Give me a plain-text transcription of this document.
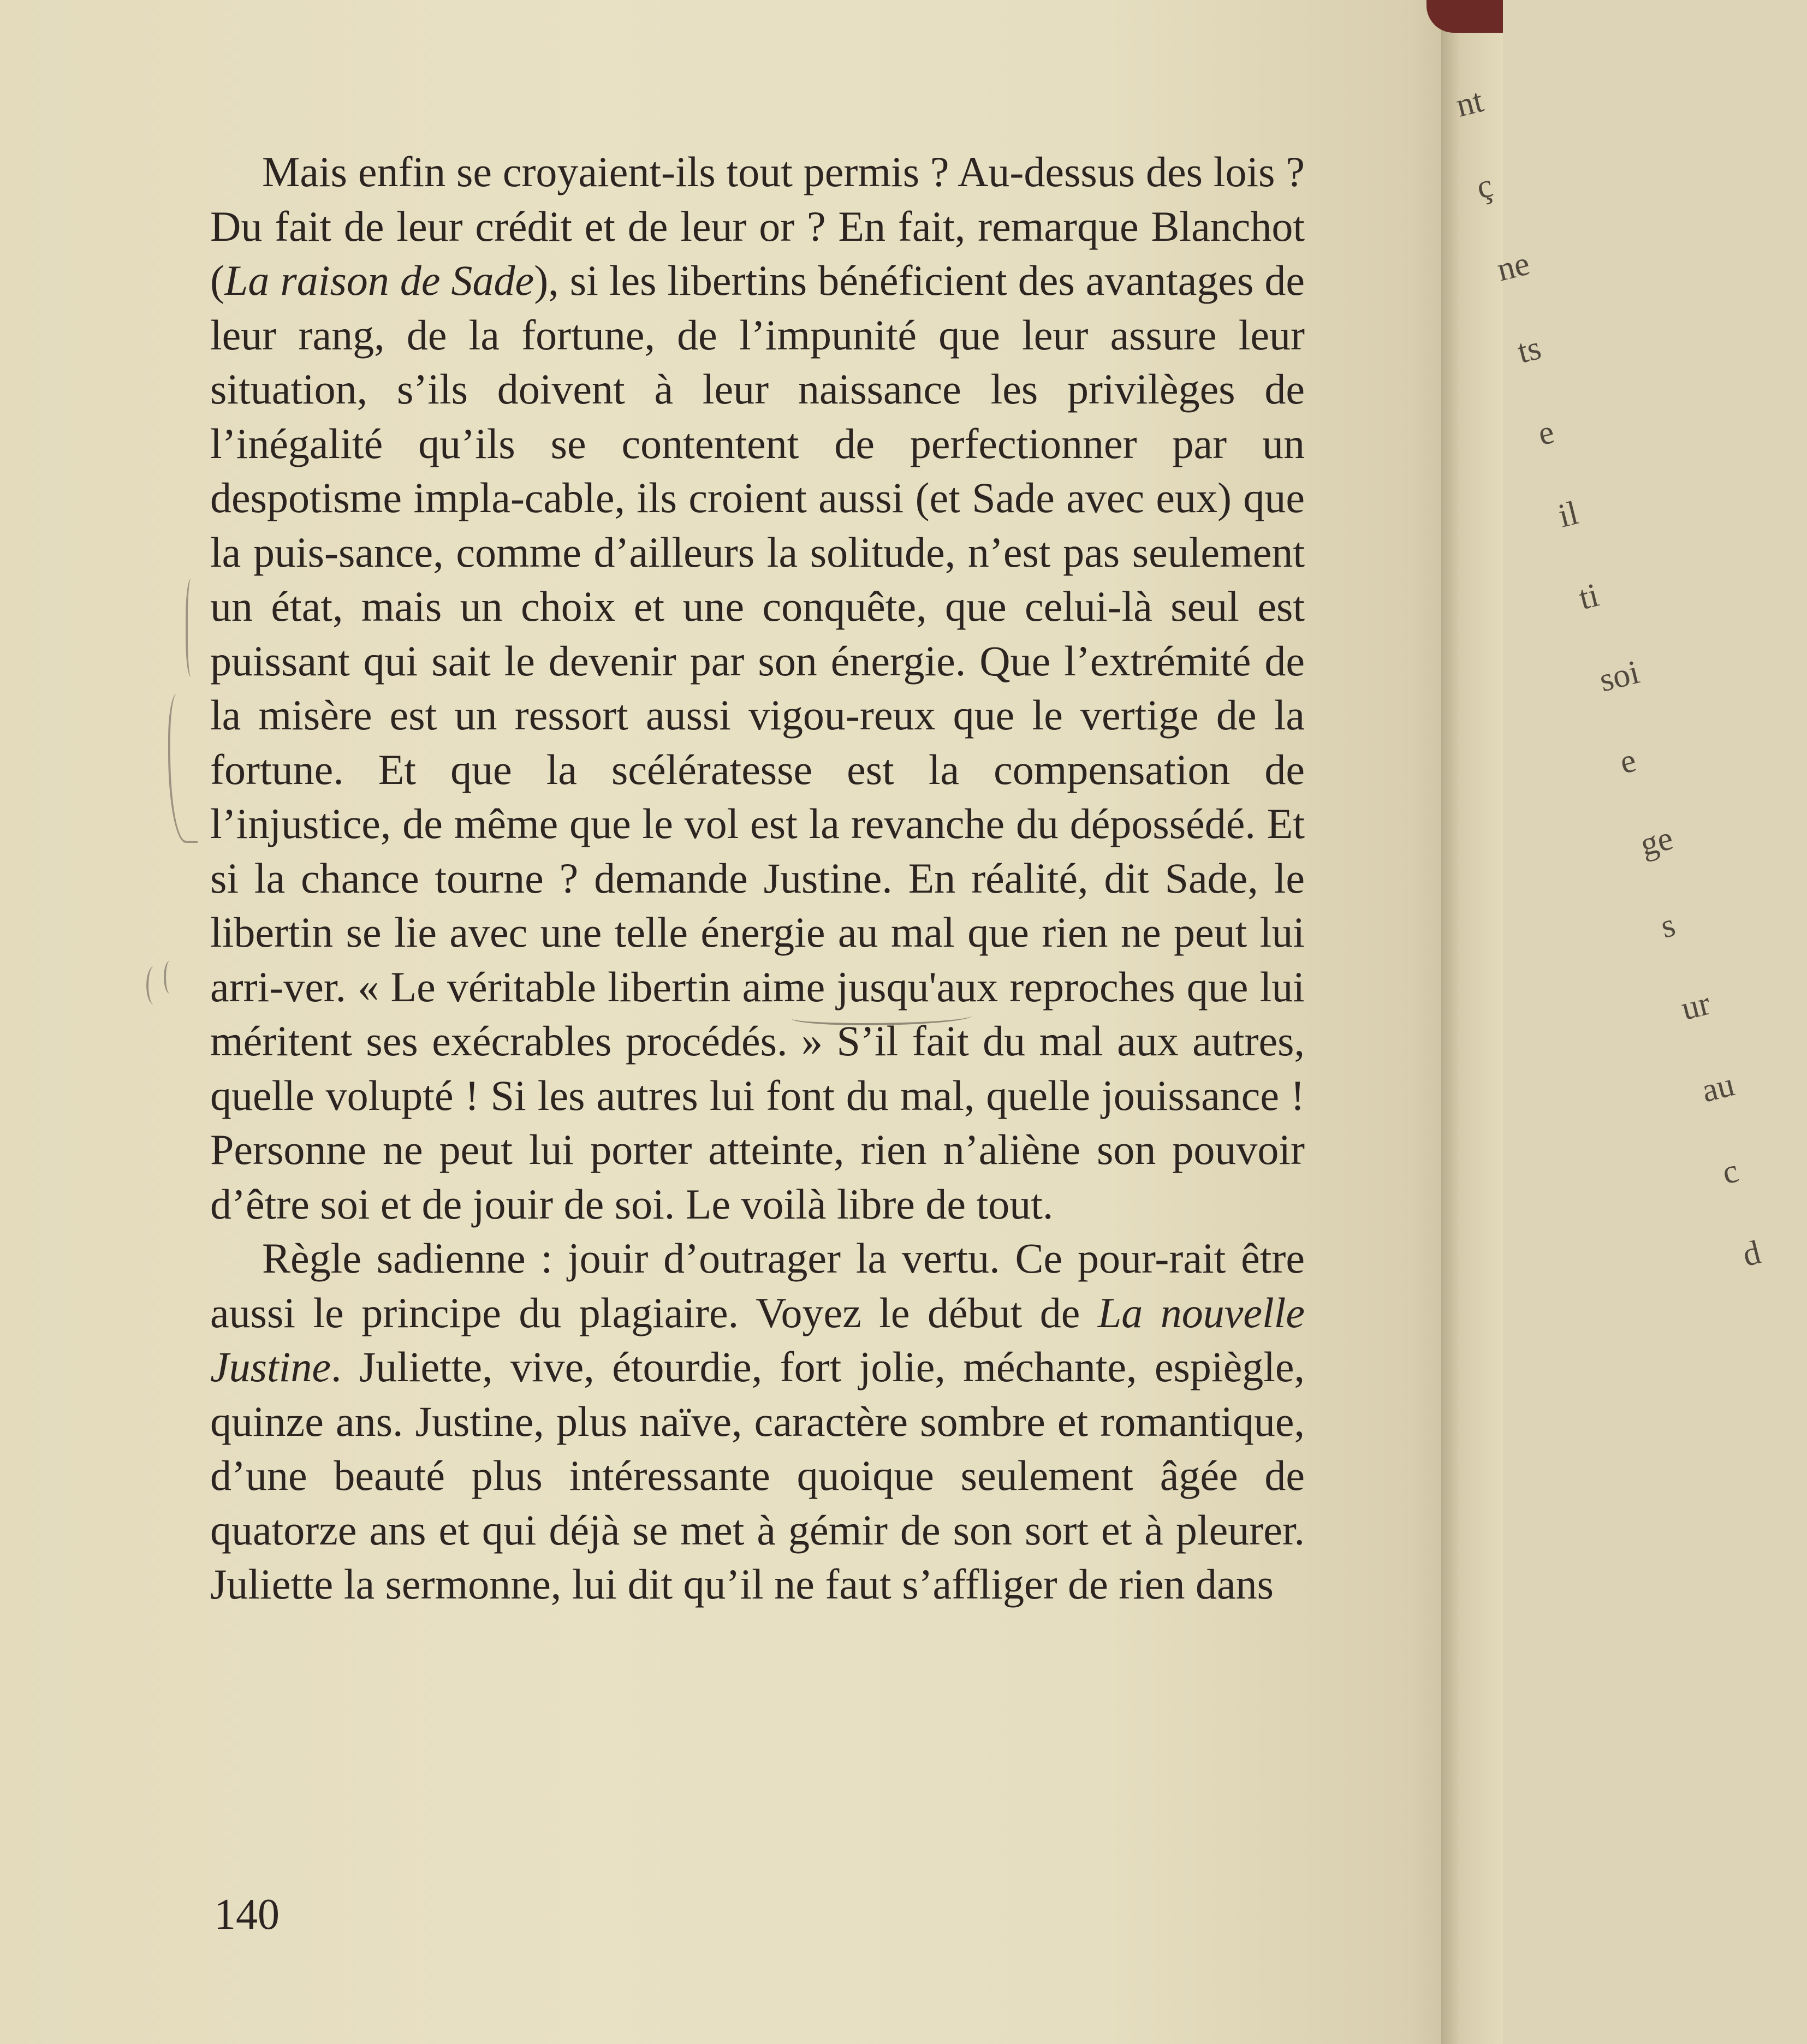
Mais enfin se croyaient-ils tout permis ? Au-dessus des lois ? Du fait de leur crédit et de leur or ? En fait, remarque Blanchot (La raison de Sade), si les libertins bénéficient des avantages de leur rang, de la fortune, de l’impunité que leur assure leur situation, s’ils doivent à leur naissance les privilèges de l’inégalité qu’ils se contentent de perfectionner par un despotisme impla-cable, ils croient aussi (et Sade avec eux) que la puis-sance, comme d’ailleurs la solitude, n’est pas seulement un état, mais un choix et une conquête, que celui-là seul est puissant qui sait le devenir par son énergie. Que l’extrémité de la misère est un ressort aussi vigou-reux que le vertige de la fortune. Et que la scélératesse est la compensation de l’injustice, de même que le vol est la revanche du dépossédé. Et si la chance tourne ? demande Justine. En réalité, dit Sade, le libertin se lie avec une telle énergie au mal que rien ne peut lui arri-ver. « Le véritable libertin aime jusqu'aux reproches que lui méritent ses exécrables procédés. » S’il fait du mal aux autres, quelle volupté ! Si les autres lui font du mal, quelle jouissance ! Personne ne peut lui porter atteinte, rien n’aliène son pouvoir d’être soi et de jouir de soi. Le voilà libre de tout.

Règle sadienne : jouir d’outrager la vertu. Ce pour-rait être aussi le principe du plagiaire. Voyez le début de La nouvelle Justine. Juliette, vive, étourdie, fort jolie, méchante, espiègle, quinze ans. Justine, plus naïve, caractère sombre et romantique, d’une beauté plus intéressante quoique seulement âgée de quatorze ans et qui déjà se met à gémir de son sort et à pleurer. Juliette la sermonne, lui dit qu’il ne faut s’affliger de rien dans

140
nt
ç
ne
ts
e
il
ti
soi
e
ge
s
ur
au
c
d
